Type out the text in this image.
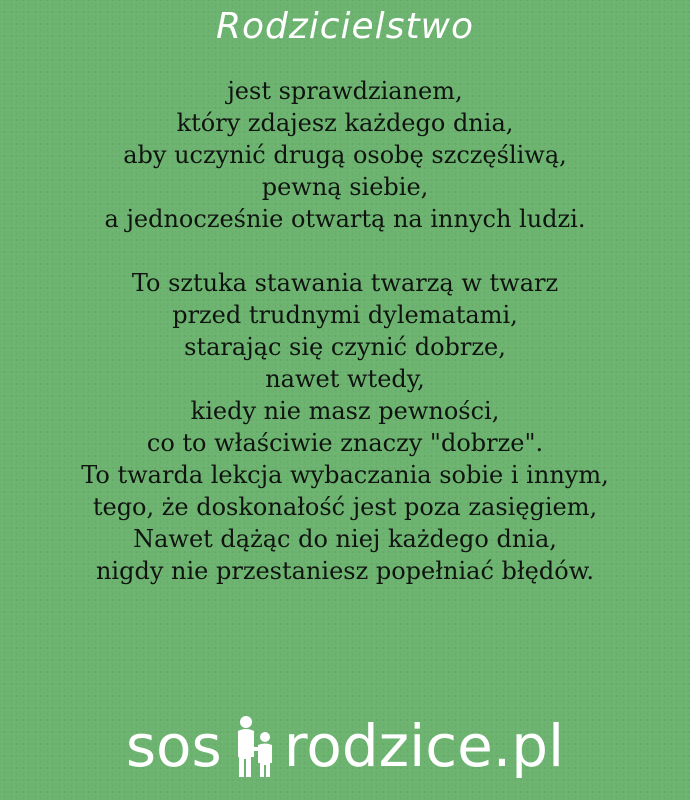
Rodzicielstwo
jest sprawdzianem,
który zdajesz każdego dnia,
aby uczynić drugą osobę szczęśliwą,
pewną siebie,
a jednocześnie otwartą na innych ludzi.
To sztuka stawania twarzą w twarz
przed trudnymi dylematami,
starając się czynić dobrze,
nawet wtedy,
kiedy nie masz pewności,
co to właściwie znaczy "dobrze".
To twarda lekcja wybaczania sobie i innym,
tego, że doskonałość jest poza zasięgiem,
Nawet dążąc do niej każdego dnia,
nigdy nie przestaniesz popełniać błędów.
sos rodzice.pl
